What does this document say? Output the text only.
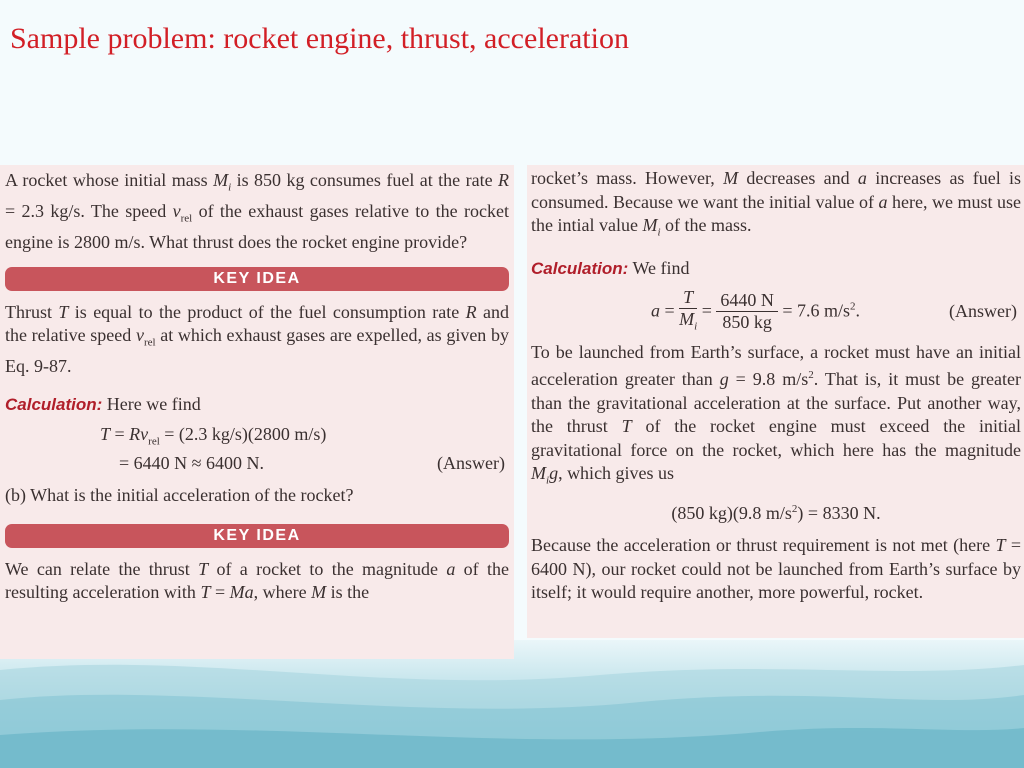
Sample problem: rocket engine, thrust, acceleration
A rocket whose initial mass $M_i$ is 850 kg consumes fuel at the rate R = 2.3 kg/s. The speed $v_{rel}$ of the exhaust gases relative to the rocket engine is 2800 m/s. What thrust does the rocket engine provide?
KEY IDEA
Thrust T is equal to the product of the fuel consumption rate R and the relative speed $v_{rel}$ at which exhaust gases are expelled, as given by Eq. 9-87.
Calculation: Here we find
$T = Rv_{rel} = (2.3$ kg/s)(2800 m/s)
= 6440 N ≈ 6400 N.	(Answer)
(b) What is the initial acceleration of the rocket?
KEY IDEA
We can relate the thrust T of a rocket to the magnitude a of the resulting acceleration with T = Ma, where M is the
rocket’s mass. However, M decreases and a increases as fuel is consumed. Because we want the initial value of a here, we must use the intial value $M_i$ of the mass.
Calculation: We find
$a = \frac{T}{M_i} = \frac{6440 N}{850 kg} = 7.6$ $m/s^2$.	(Answer)
To be launched from Earth’s surface, a rocket must have an initial acceleration greater than g = 9.8 $m/s^2$. That is, it must be greater than the gravitational acceleration at the surface. Put another way, the thrust T of the rocket engine must exceed the initial gravitational force on the rocket, which here has the magnitude $M_ig$, which gives us
(850 kg)(9.8 $m/s^2) = 8330$ N.
Because the acceleration or thrust requirement is not met (here T = 6400 N), our rocket could not be launched from Earth’s surface by itself; it would require another, more powerful, rocket.
